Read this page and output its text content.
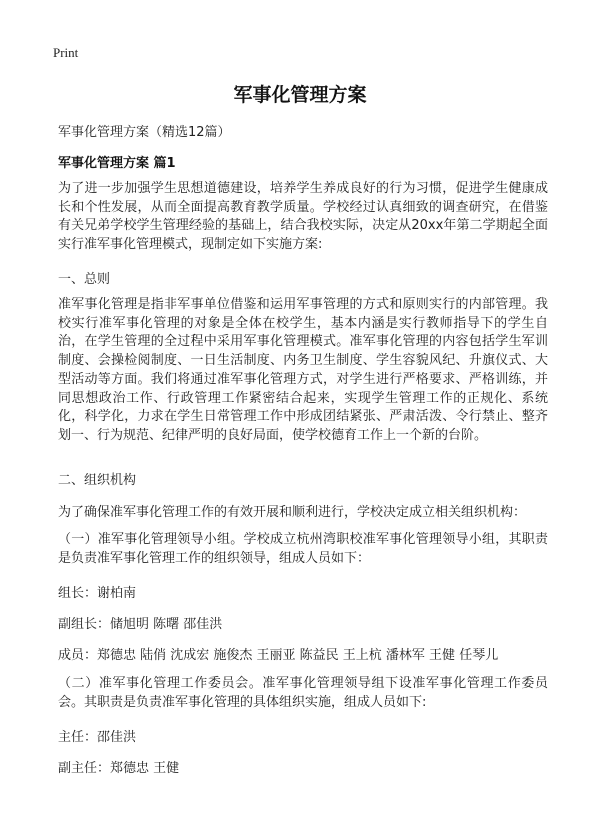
Print
军事化管理方案
军事化管理方案（精选12篇）
军事化管理方案 篇1

为了进一步加强学生思想道德建设，培养学生养成良好的行为习惯，促进学生健康成长和个性发展，从而全面提高教育教学质量。学校经过认真细致的调查研究，在借鉴有关兄弟学校学生管理经验的基础上，结合我校实际，决定从20xx年第二学期起全面实行准军事化管理模式，现制定如下实施方案:

一、总则

准军事化管理是指非军事单位借鉴和运用军事管理的方式和原则实行的内部管理。我校实行准军事化管理的对象是全体在校学生，基本内涵是实行教师指导下的学生自治，在学生管理的全过程中采用军事化管理模式。准军事化管理的内容包括学生军训制度、会操检阅制度、一日生活制度、内务卫生制度、学生容貌风纪、升旗仪式、大型活动等方面。我们将通过准军事化管理方式，对学生进行严格要求、严格训练，并同思想政治工作、行政管理工作紧密结合起来，实现学生管理工作的正规化、系统化，科学化，力求在学生日常管理工作中形成团结紧张、严肃活泼、令行禁止、整齐划一、行为规范、纪律严明的良好局面，使学校德育工作上一个新的台阶。

二、组织机构
为了确保准军事化管理工作的有效开展和顺利进行，学校决定成立相关组织机构：

（一）准军事化管理领导小组。学校成立杭州湾职校准军事化管理领导小组，其职责是负责准军事化管理工作的组织领导，组成人员如下：

组长：谢柏南
副组长：储旭明 陈曙 邵佳洪
成员：郑德忠 陆俏 沈成宏 施俊杰 王丽亚 陈益民 王上杭 潘林军 王健 任琴儿

（二）准军事化管理工作委员会。准军事化管理领导组下设准军事化管理工作委员会。其职责是负责准军事化管理的具体组织实施，组成人员如下:

主任：邵佳洪
副主任：郑德忠 王健
